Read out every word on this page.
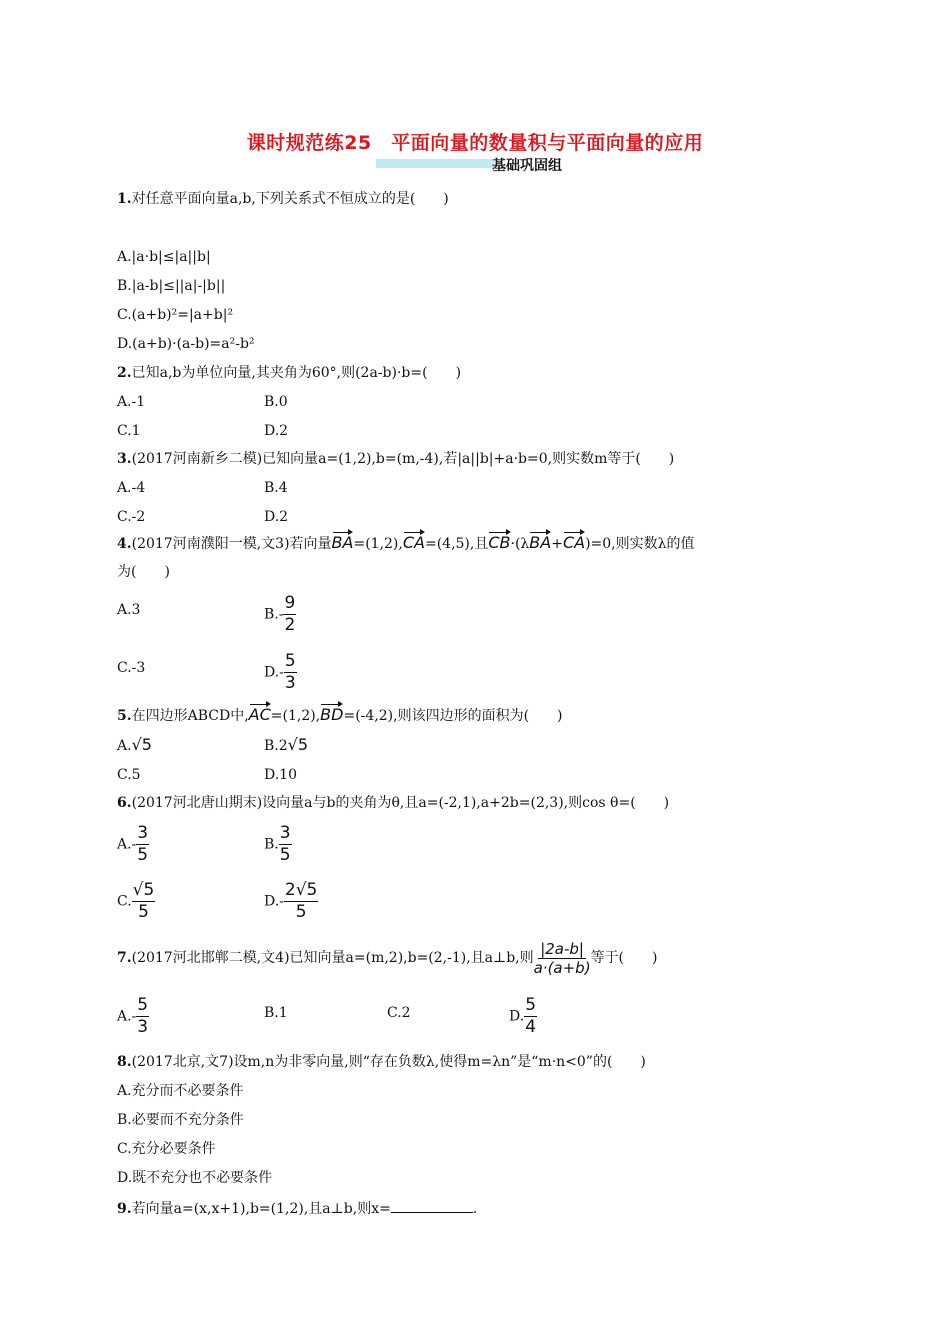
课时规范练25　平面向量的数量积与平面向量的应用
基础巩固组
1.对任意平面向量a,b,下列关系式不恒成立的是(　　)
A.|a·b|≤|a||b|
B.|a-b|≤||a|-|b||
C.(a+b)²=|a+b|²
D.(a+b)·(a-b)=a²-b²
2.已知a,b为单位向量,其夹角为60°,则(2a-b)·b=(　　)
A.-1	B.0
C.1	D.2
3.(2017河南新乡二模)已知向量a=(1,2),b=(m,-4),若|a||b|+a·b=0,则实数m等于(　　)
A.-4	B.4
C.-2	D.2
4.(2017河南濮阳一模,文3)若向量BA=(1,2),CA=(4,5),且CB·(λBA+CA)=0,则实数λ的值
为(　　)
A.3	$B.- \frac{9}{2}$
C.-3	$D.- \frac{5}{3}$
5.在四边形ABCD中,AC=(1,2),BD=(-4,2),则该四边形的面积为(　　)
A.√5	B.2√5
C.5	D.10
6.(2017河北唐山期末)设向量a与b的夹角为θ,且a=(-2,1),a+2b=(2,3),则cos θ=(　　)
$A.- \frac{3}{5}$	B. $\frac{3}{5}$
C. $\frac{√5}{5}$	$D.- \frac{2√5}{5}$
7.(2017河北邯郸二模,文4)已知向量a=(m,2),b=(2,-1),且a⊥b,则 $\frac{|2a-b|}{a\cdot(a+b)}$ 等于(　　)
$A.- \frac{5}{3}$	B.1	C.2	D. $\frac{5}{4}$
8.(2017北京,文7)设m,n为非零向量,则“存在负数λ,使得m=λn”是“m·n<0”的(　　)
A.充分而不必要条件
B.必要而不充分条件
C.充分必要条件
D.既不充分也不必要条件
9.若向量a=(x,x+1),b=(1,2),且a⊥b,则x=	.
